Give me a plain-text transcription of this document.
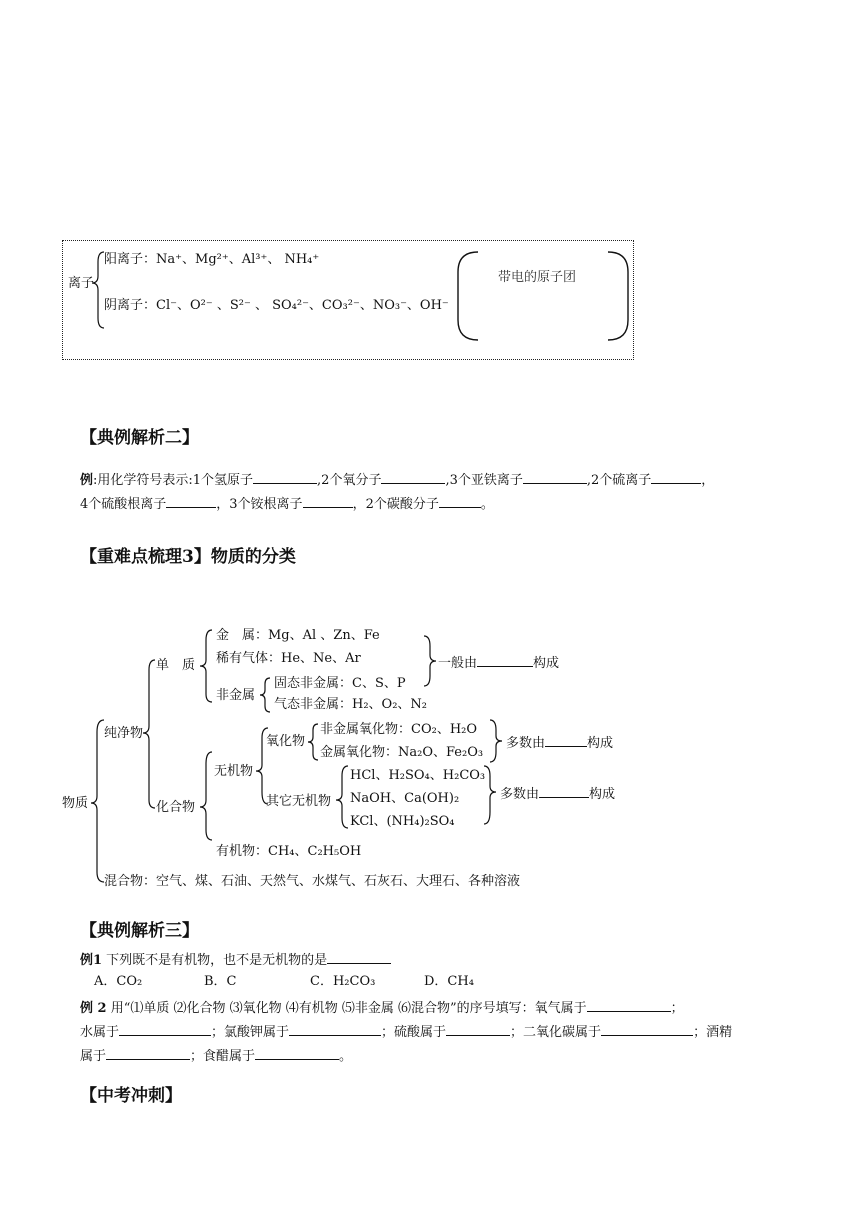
离子
阳离子：Na⁺、Mg²⁺、Al³⁺、 NH₄⁺
阴离子：Cl⁻、O²⁻ 、S²⁻ 、 SO₄²⁻、CO₃²⁻、NO₃⁻、OH⁻
带电的原子团
【典例解析二】
例:用化学符号表示:1个氢原子	,2个氧分子	,3个亚铁离子	,2个硫离子	，
4个硫酸根离子	，3个铵根离子	，2个碳酸分子	。
【重难点梳理3】物质的分类
物质
纯净物
混合物：空气、煤、石油、天然气、水煤气、石灰石、大理石、各种溶液
单　质
金　属：Mg、Al 、Zn、Fe
稀有气体：He、Ne、Ar	一般由	构成
非金属
固态非金属：C、S、P
气态非金属：H₂、O₂、N₂
化合物
无机物
氧化物
非金属氧化物：CO₂、H₂O
金属氧化物：Na₂O、Fe₂O₃
多数由	构成
其它无机物
HCl、H₂SO₄、H₂CO₃
NaOH、Ca(OH)₂
KCl、(NH₄)₂SO₄
多数由	构成
有机物：CH₄、C₂H₅OH
【典例解析三】
例1 下列既不是有机物，也不是无机物的是
A．CO₂	B．C	C．H₂CO₃	D．CH₄
例 2 用“⑴单质 ⑵化合物 ⑶氧化物 ⑷有机物 ⑸非金属 ⑹混合物”的序号填写：氧气属于	；
水属于	；氯酸钾属于	；硫酸属于	；二氧化碳属于	；酒精
属于	；食醋属于	。
【中考冲刺】
